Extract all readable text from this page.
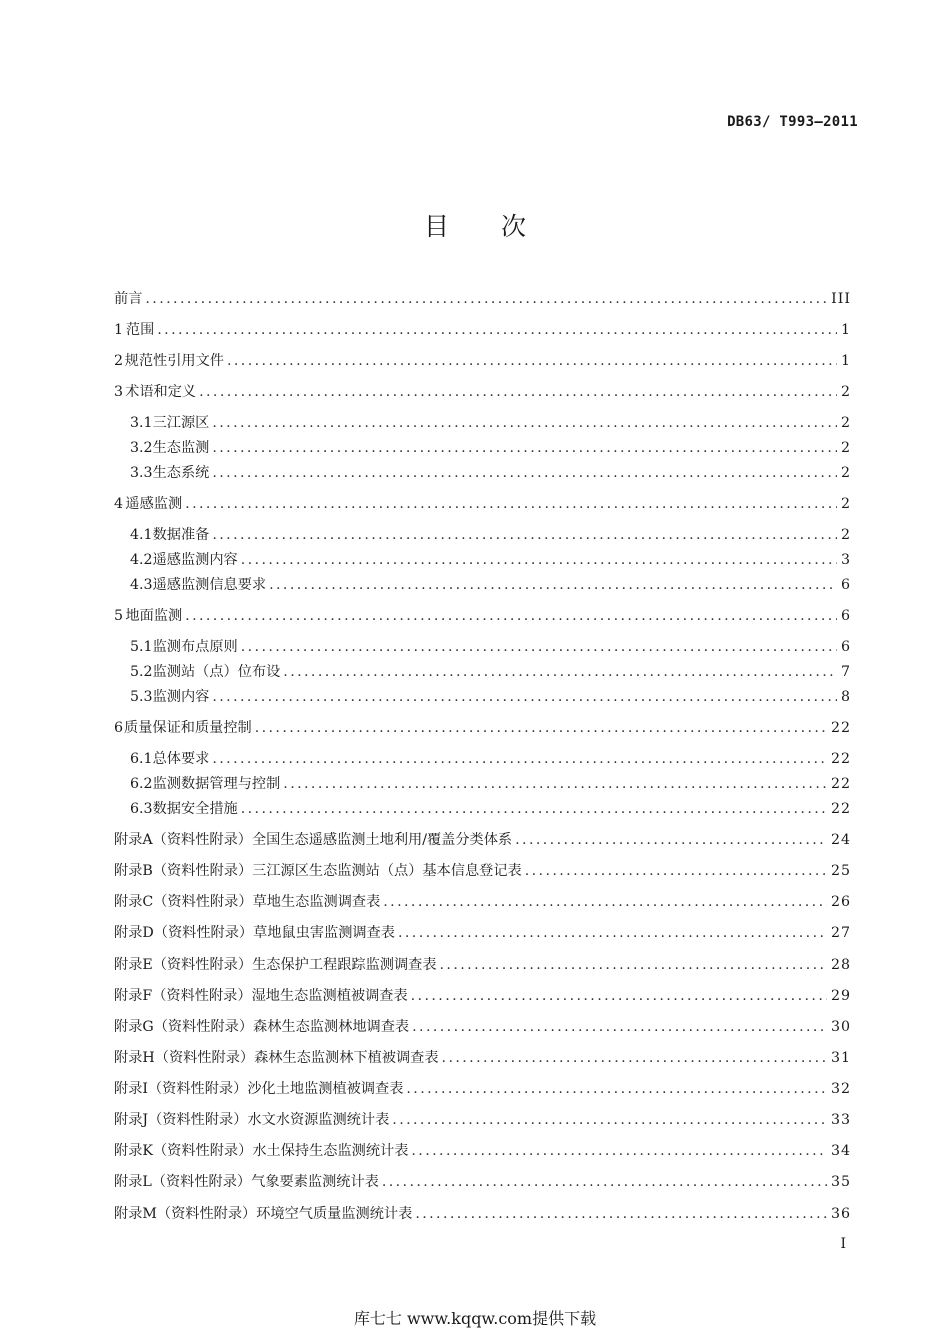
DB63/ T993—2011
目次
前言 .....	III
1 范围 .....	1
2 规范性引用文件 .....	1
3 术语和定义 .....	2
3.1 三江源区 .....	2
3.2 生态监测 .....	2
3.3 生态系统 .....	2
4 遥感监测 .....	2
4.1 数据准备 .....	2
4.2 遥感监测内容 .....	3
4.3 遥感监测信息要求 .....	6
5 地面监测 .....	6
5.1 监测布点原则 .....	6
5.2 监测站（点）位布设 .....	7
5.3 监测内容 .....	8
6 质量保证和质量控制 .....	22
6.1 总体要求 .....	22
6.2 监测数据管理与控制 .....	22
6.3 数据安全措施 .....	22
附录A （资料性附录） 全国生态遥感监测土地利用/覆盖分类体系 .....	24
附录B （资料性附录） 三江源区生态监测站（点）基本信息登记表 .....	25
附录C （资料性附录） 草地生态监测调查表 .....	26
附录D （资料性附录） 草地鼠虫害监测调查表 .....	27
附录E （资料性附录） 生态保护工程跟踪监测调查表 .....	28
附录F （资料性附录） 湿地生态监测植被调查表 .....	29
附录G （资料性附录） 森林生态监测林地调查表 .....	30
附录H （资料性附录） 森林生态监测林下植被调查表 .....	31
附录I （资料性附录） 沙化土地监测植被调查表 .....	32
附录J （资料性附录） 水文水资源监测统计表 .....	33
附录K （资料性附录） 水土保持生态监测统计表 .....	34
附录L （资料性附录） 气象要素监测统计表 .....	35
附录M （资料性附录） 环境空气质量监测统计表 .....	36
I
库七七 www.kqqw.com提供下载
